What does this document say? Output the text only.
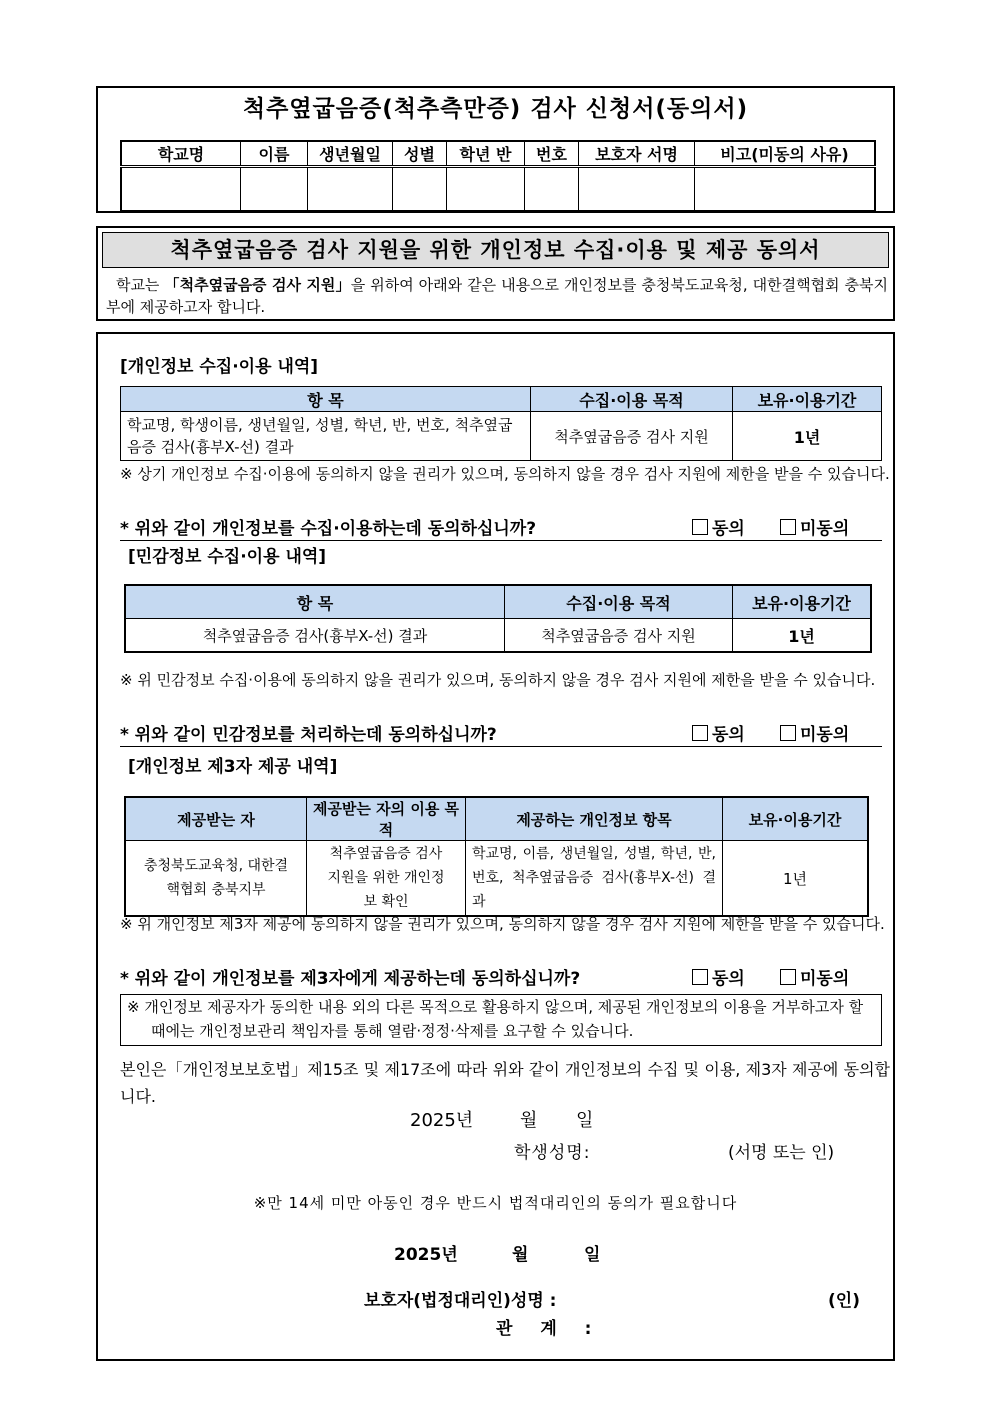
척추옆굽음증(척추측만증) 검사 신청서(동의서)
학교명	이름	생년월일	성별	학년 반	번호	보호자 서명	비고(미동의 사유)

척추옆굽음증 검사 지원을 위한 개인정보 수집·이용 및 제공 동의서
학교는 「척추옆굽음증 검사 지원」을 위하여 아래와 같은 내용으로 개인정보를 충청북도교육청, 대한결핵협회 충북지부에 제공하고자 합니다.
[개인정보 수집·이용 내역]
항 목	수집·이용 목적	보유·이용기간
학교명, 학생이름, 생년월일, 성별, 학년, 반, 번호, 척추옆굽음증 검사(흉부X-선) 결과	척추옆굽음증 검사 지원	1년
※ 상기 개인정보 수집·이용에 동의하지 않을 권리가 있으며, 동의하지 않을 경우 검사 지원에 제한을 받을 수 있습니다.
* 위와 같이 개인정보를 수집·이용하는데 동의하십니까?	동의	미동의
[민감정보 수집·이용 내역]
항 목	수집·이용 목적	보유·이용기간
척추옆굽음증 검사(흉부X-선) 결과	척추옆굽음증 검사 지원	1년
※ 위 민감정보 수집·이용에 동의하지 않을 권리가 있으며, 동의하지 않을 경우 검사 지원에 제한을 받을 수 있습니다.
* 위와 같이 민감정보를 처리하는데 동의하십니까?	동의	미동의
[개인정보 제3자 제공 내역]
제공받는 자	제공받는 자의 이용 목적	제공하는 개인정보 항목	보유·이용기간
충청북도교육청, 대한결핵협회 충북지부	척추옆굽음증 검사 지원을 위한 개인정보 확인	학교명, 이름, 생년월일, 성별, 학년, 반, 번호, 척추옆굽음증 검사(흉부X-선) 결과	1년
※ 위 개인정보 제3자 제공에 동의하지 않을 권리가 있으며, 동의하지 않을 경우 검사 지원에 제한을 받을 수 있습니다.
* 위와 같이 개인정보를 제3자에게 제공하는데 동의하십니까?	동의	미동의
※ 개인정보 제공자가 동의한 내용 외의 다른 목적으로 활용하지 않으며, 제공된 개인정보의 이용을 거부하고자 할 때에는 개인정보관리 책임자를 통해 열람·정정·삭제를 요구할 수 있습니다.
본인은「개인정보보호법」제15조 및 제17조에 따라 위와 같이 개인정보의 수집 및 이용, 제3자 제공에 동의합니다.
2025년	월 일
학생성명:	(서명 또는 인)
※만 14세 미만 아동인 경우 반드시 법적대리인의 동의가 필요합니다
2025년	월	일
보호자(법정대리인)성명 :	(인)
관 계 :
